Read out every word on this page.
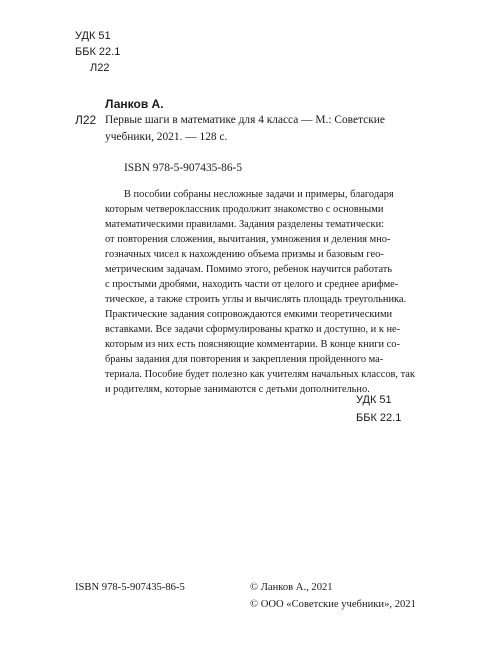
УДК 51
ББК 22.1
Л22
Ланков А.
Л22 Первые шаги в математике для 4 класса — М.: Советские
учебники, 2021. — 128 с.
ISBN 978-5-907435-86-5
В пособии собраны несложные задачи и примеры, благодаря
которым четвероклассник продолжит знакомство с основными
математическими правилами. Задания разделены тематически:
от повторения сложения, вычитания, умножения и деления мно-
гозначных чисел к нахождению объема призмы и базовым гео-
метрическим задачам. Помимо этого, ребенок научится работать
с простыми дробями, находить части от целого и среднее арифме-
тическое, а также строить углы и вычислять площадь треугольника.
Практические задания сопровождаются емкими теоретическими
вставками. Все задачи сформулированы кратко и доступно, и к не-
которым из них есть поясняющие комментарии. В конце книги со-
браны задания для повторения и закрепления пройденного ма-
териала. Пособие будет полезно как учителям начальных классов, так
и родителям, которые занимаются с детьми дополнительно.
УДК 51
ББК 22.1
ISBN 978-5-907435-86-5	© Ланков А., 2021
© ООО «Советские учебники», 2021
